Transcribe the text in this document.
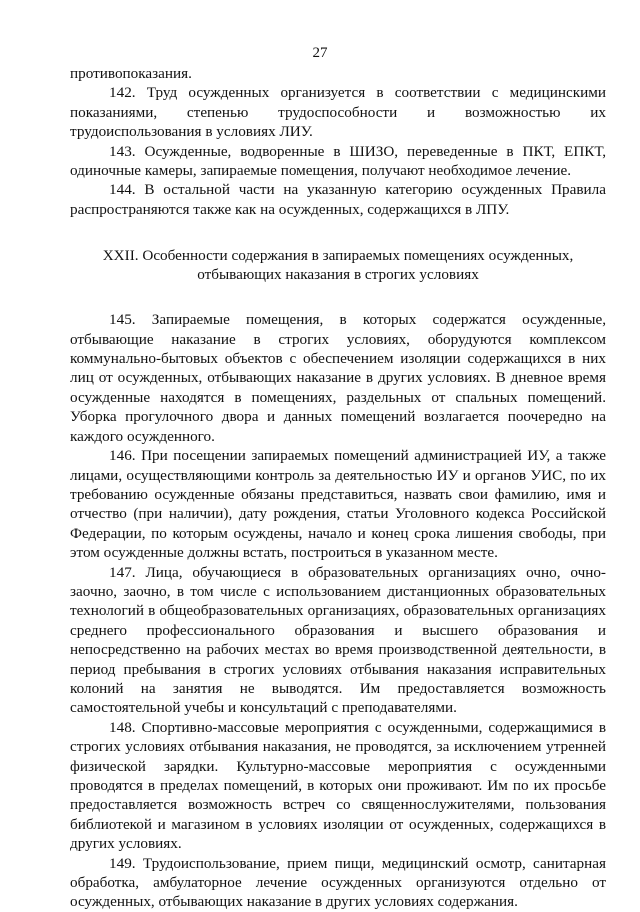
27

противопоказания.

142. Труд осужденных организуется в соответствии с медицинскими показаниями, степенью трудоспособности и возможностью их трудоиспользования в условиях ЛИУ.

143. Осужденные, водворенные в ШИЗО, переведенные в ПКТ, ЕПКТ, одиночные камеры, запираемые помещения, получают необходимое лечение.

144. В остальной части на указанную категорию осужденных Правила распространяются также как на осужденных, содержащихся в ЛПУ.

XXII. Особенности содержания в запираемых помещениях осужденных,
отбывающих наказания в строгих условиях

145. Запираемые помещения, в которых содержатся осужденные, отбывающие наказание в строгих условиях, оборудуются комплексом коммунально-бытовых объектов с обеспечением изоляции содержащихся в них лиц от осужденных, отбывающих наказание в других условиях. В дневное время осужденные находятся в помещениях, раздельных от спальных помещений. Уборка прогулочного двора и данных помещений возлагается поочередно на каждого осужденного.

146. При посещении запираемых помещений администрацией ИУ, а также лицами, осуществляющими контроль за деятельностью ИУ и органов УИС, по их требованию осужденные обязаны представиться, назвать свои фамилию, имя и отчество (при наличии), дату рождения, статьи Уголовного кодекса Российской Федерации, по которым осуждены, начало и конец срока лишения свободы, при этом осужденные должны встать, построиться в указанном месте.

147. Лица, обучающиеся в образовательных организациях очно, очно-заочно, заочно, в том числе с использованием дистанционных образовательных технологий в общеобразовательных организациях, образовательных организациях среднего профессионального образования и высшего образования и непосредственно на рабочих местах во время производственной деятельности, в период пребывания в строгих условиях отбывания наказания исправительных колоний на занятия не выводятся. Им предоставляется возможность самостоятельной учебы и консультаций с преподавателями.

148. Спортивно-массовые мероприятия с осужденными, содержащимися в строгих условиях отбывания наказания, не проводятся, за исключением утренней физической зарядки. Культурно-массовые мероприятия с осужденными проводятся в пределах помещений, в которых они проживают. Им по их просьбе предоставляется возможность встреч со священнослужителями, пользования библиотекой и магазином в условиях изоляции от осужденных, содержащихся в других условиях.

149. Трудоиспользование, прием пищи, медицинский осмотр, санитарная обработка, амбулаторное лечение осужденных организуются отдельно от осужденных, отбывающих наказание в других условиях содержания.
